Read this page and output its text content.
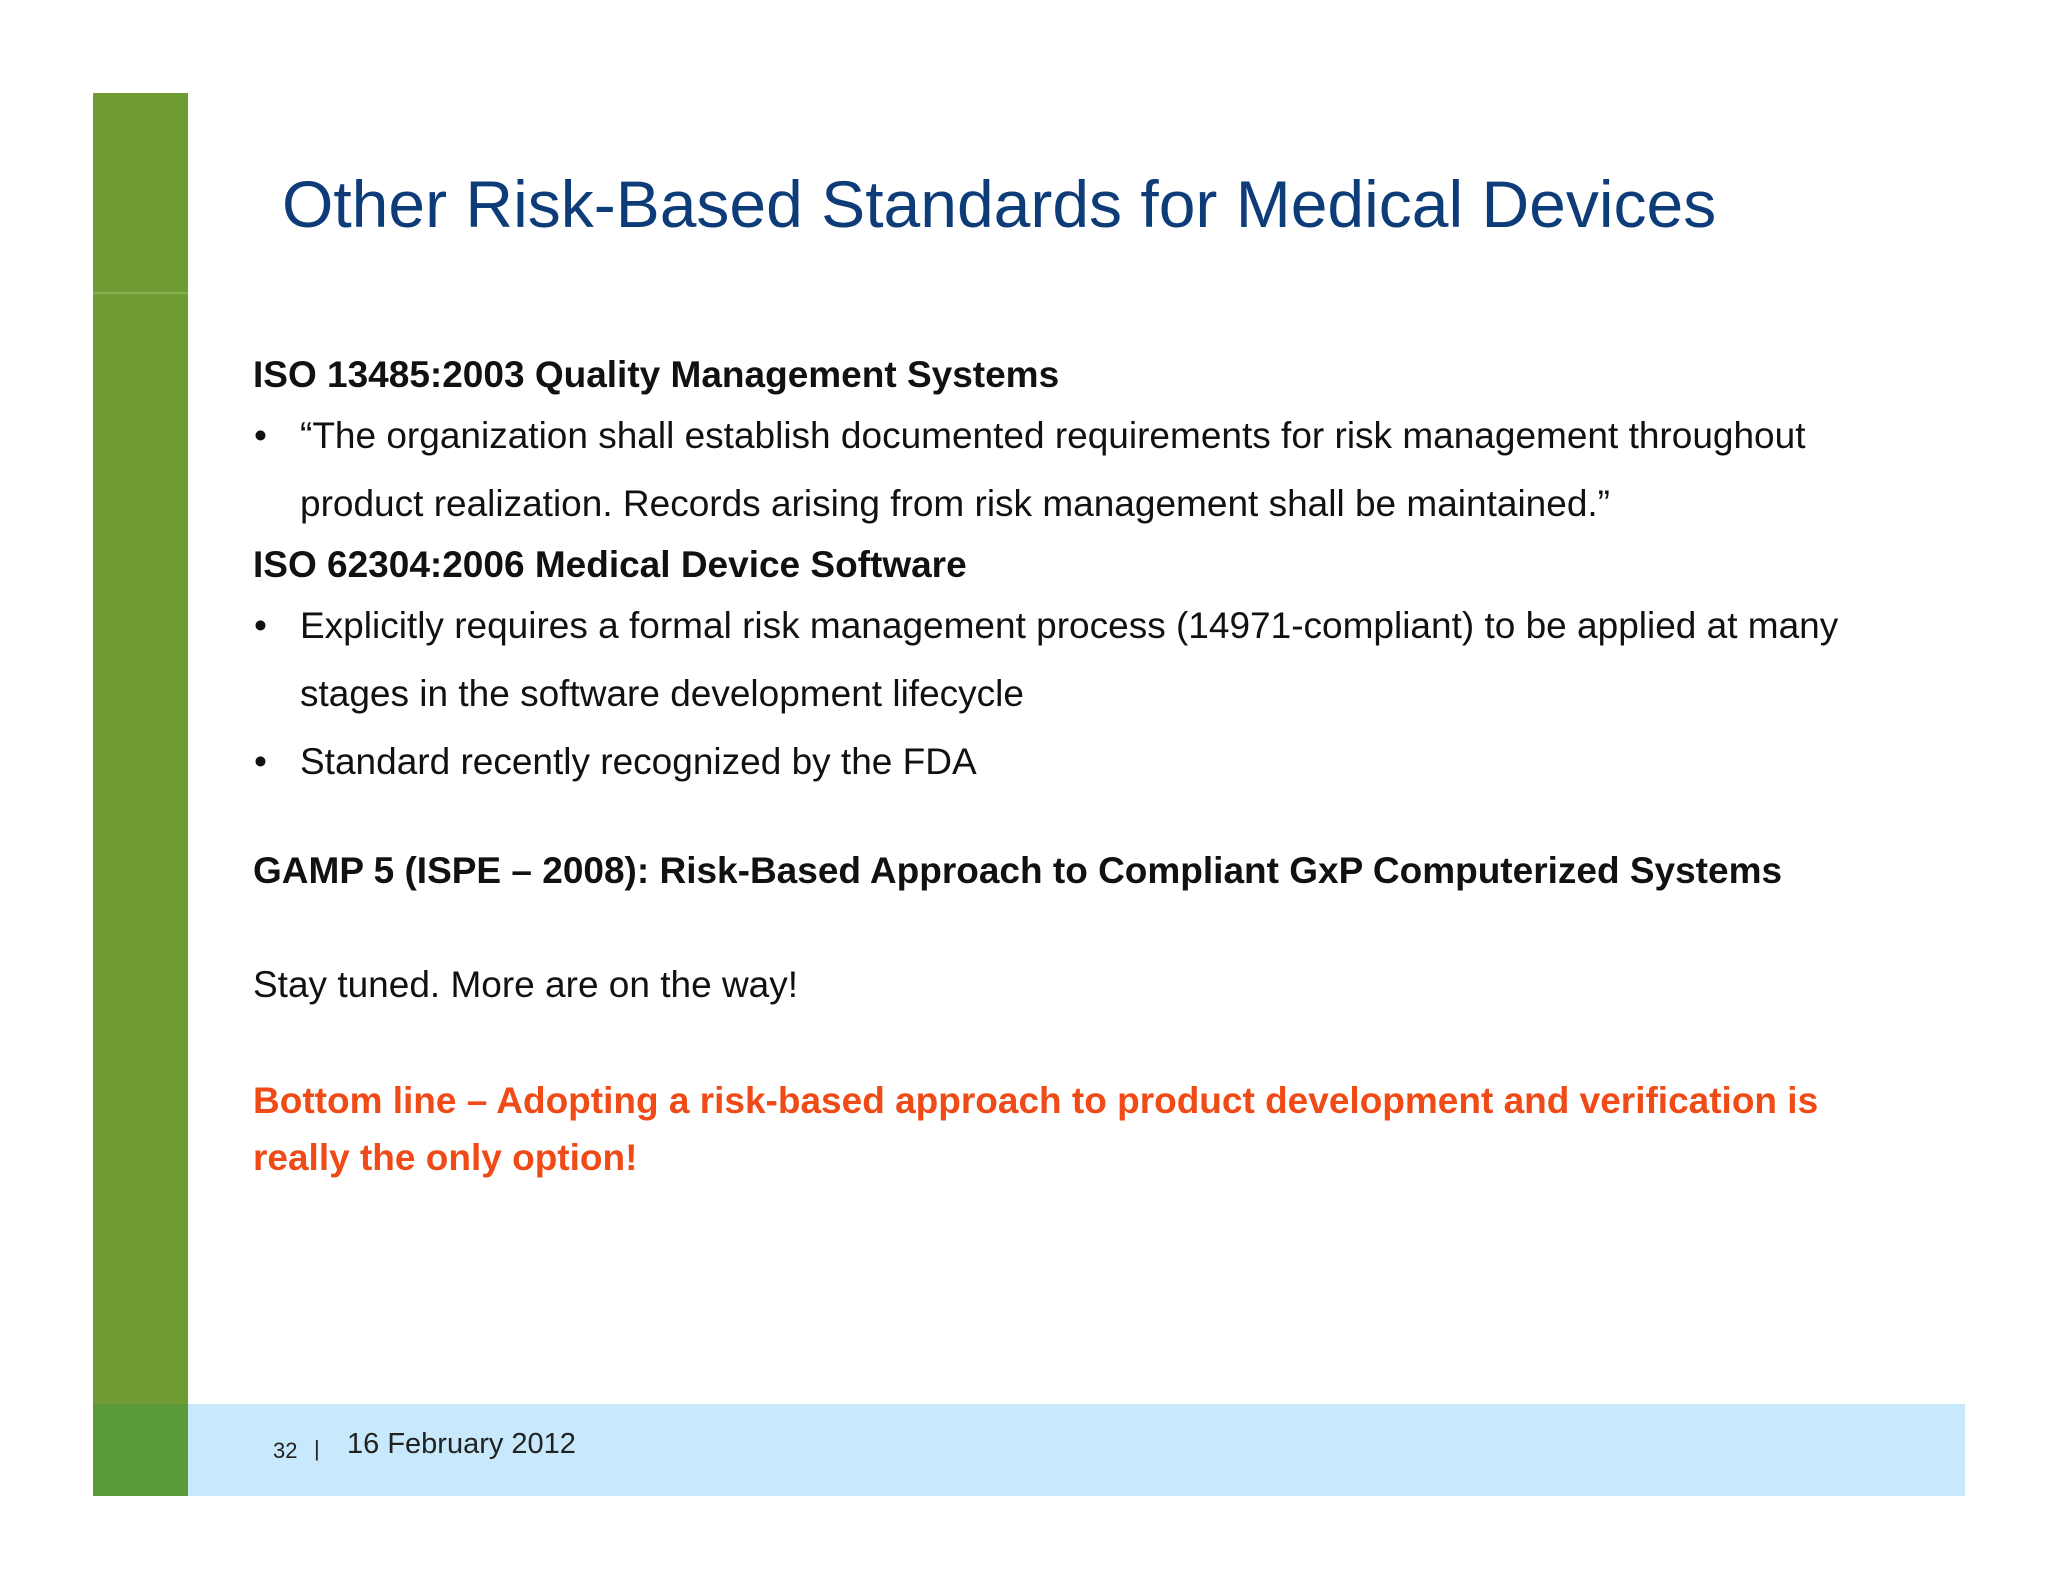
Other Risk-Based Standards for Medical Devices

ISO 13485:2003 Quality Management Systems

• “The organization shall establish documented requirements for risk management throughout product realization. Records arising from risk management shall be maintained.”

ISO 62304:2006 Medical Device Software

• Explicitly requires a formal risk management process (14971-compliant) to be applied at many stages in the software development lifecycle
• Standard recently recognized by the FDA

GAMP 5 (ISPE – 2008): Risk-Based Approach to Compliant GxP Computerized Systems

Stay tuned. More are on the way!

Bottom line – Adopting a risk-based approach to product development and verification is really the only option!

32 | 16 February 2012
